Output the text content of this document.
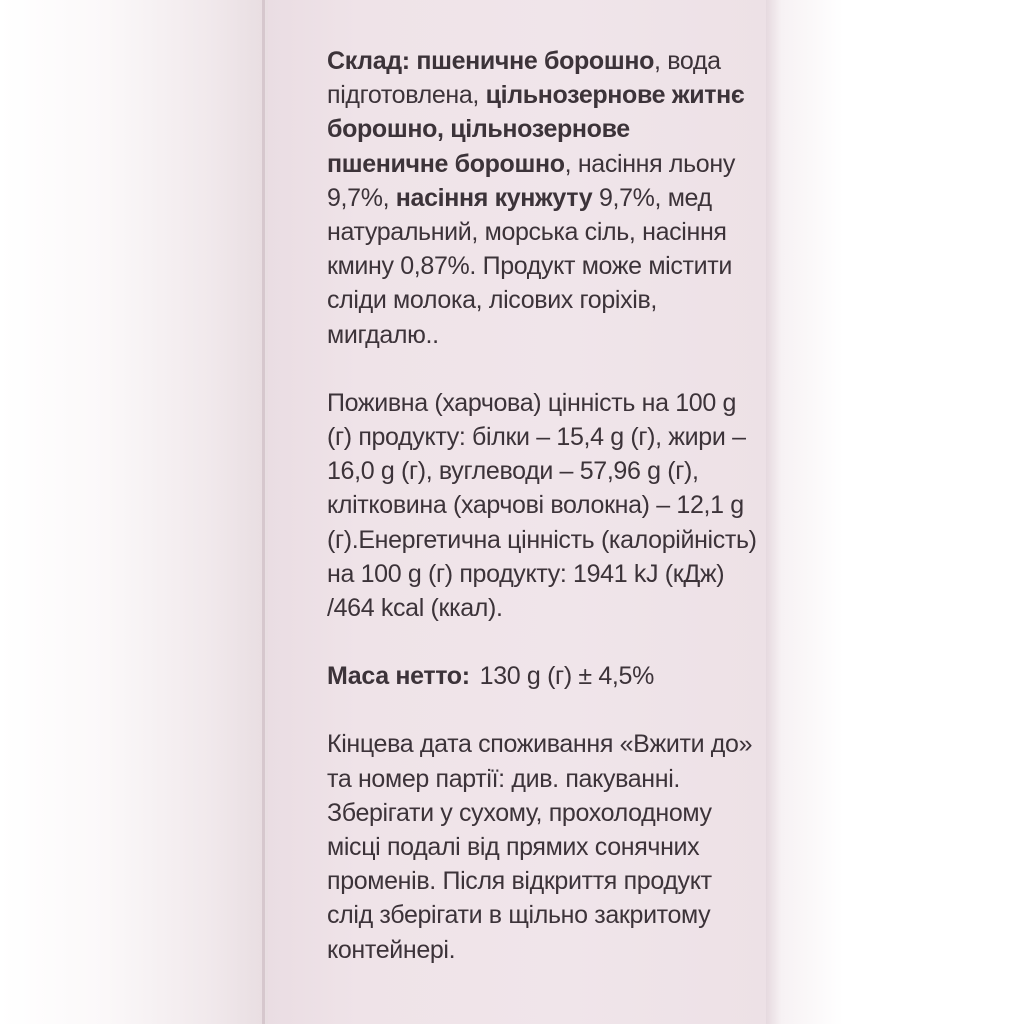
Склад: пшеничне борошно, вода підготовлена, цільнозернове житнє борошно, цільнозернове пшеничне борошно, насіння льону 9,7%, насіння кунжуту 9,7%, мед натуральний, морська сіль, насіння кмину 0,87%. Продукт може містити сліди молока, лісових горіхів, мигдалю..

Поживна (харчова) цінність на 100 g (г) продукту: білки – 15,4 g (г), жири –16,0 g (г), вуглеводи – 57,96 g (г), клітковина (харчові волокна) – 12,1 g (г).Енергетична цінність (калорійність) на 100 g (г) продукту: 1941 kJ (кДж) /464 kcal (ккал).

Маса нетто: 130 g (г) ± 4,5%

Кінцева дата споживання «Вжити до» та номер партії: див. пакуванні. Зберігати у сухому, прохолодному місці подалі від прямих сонячних променів. Після відкриття продукт слід зберігати в щільно закритому контейнері.
